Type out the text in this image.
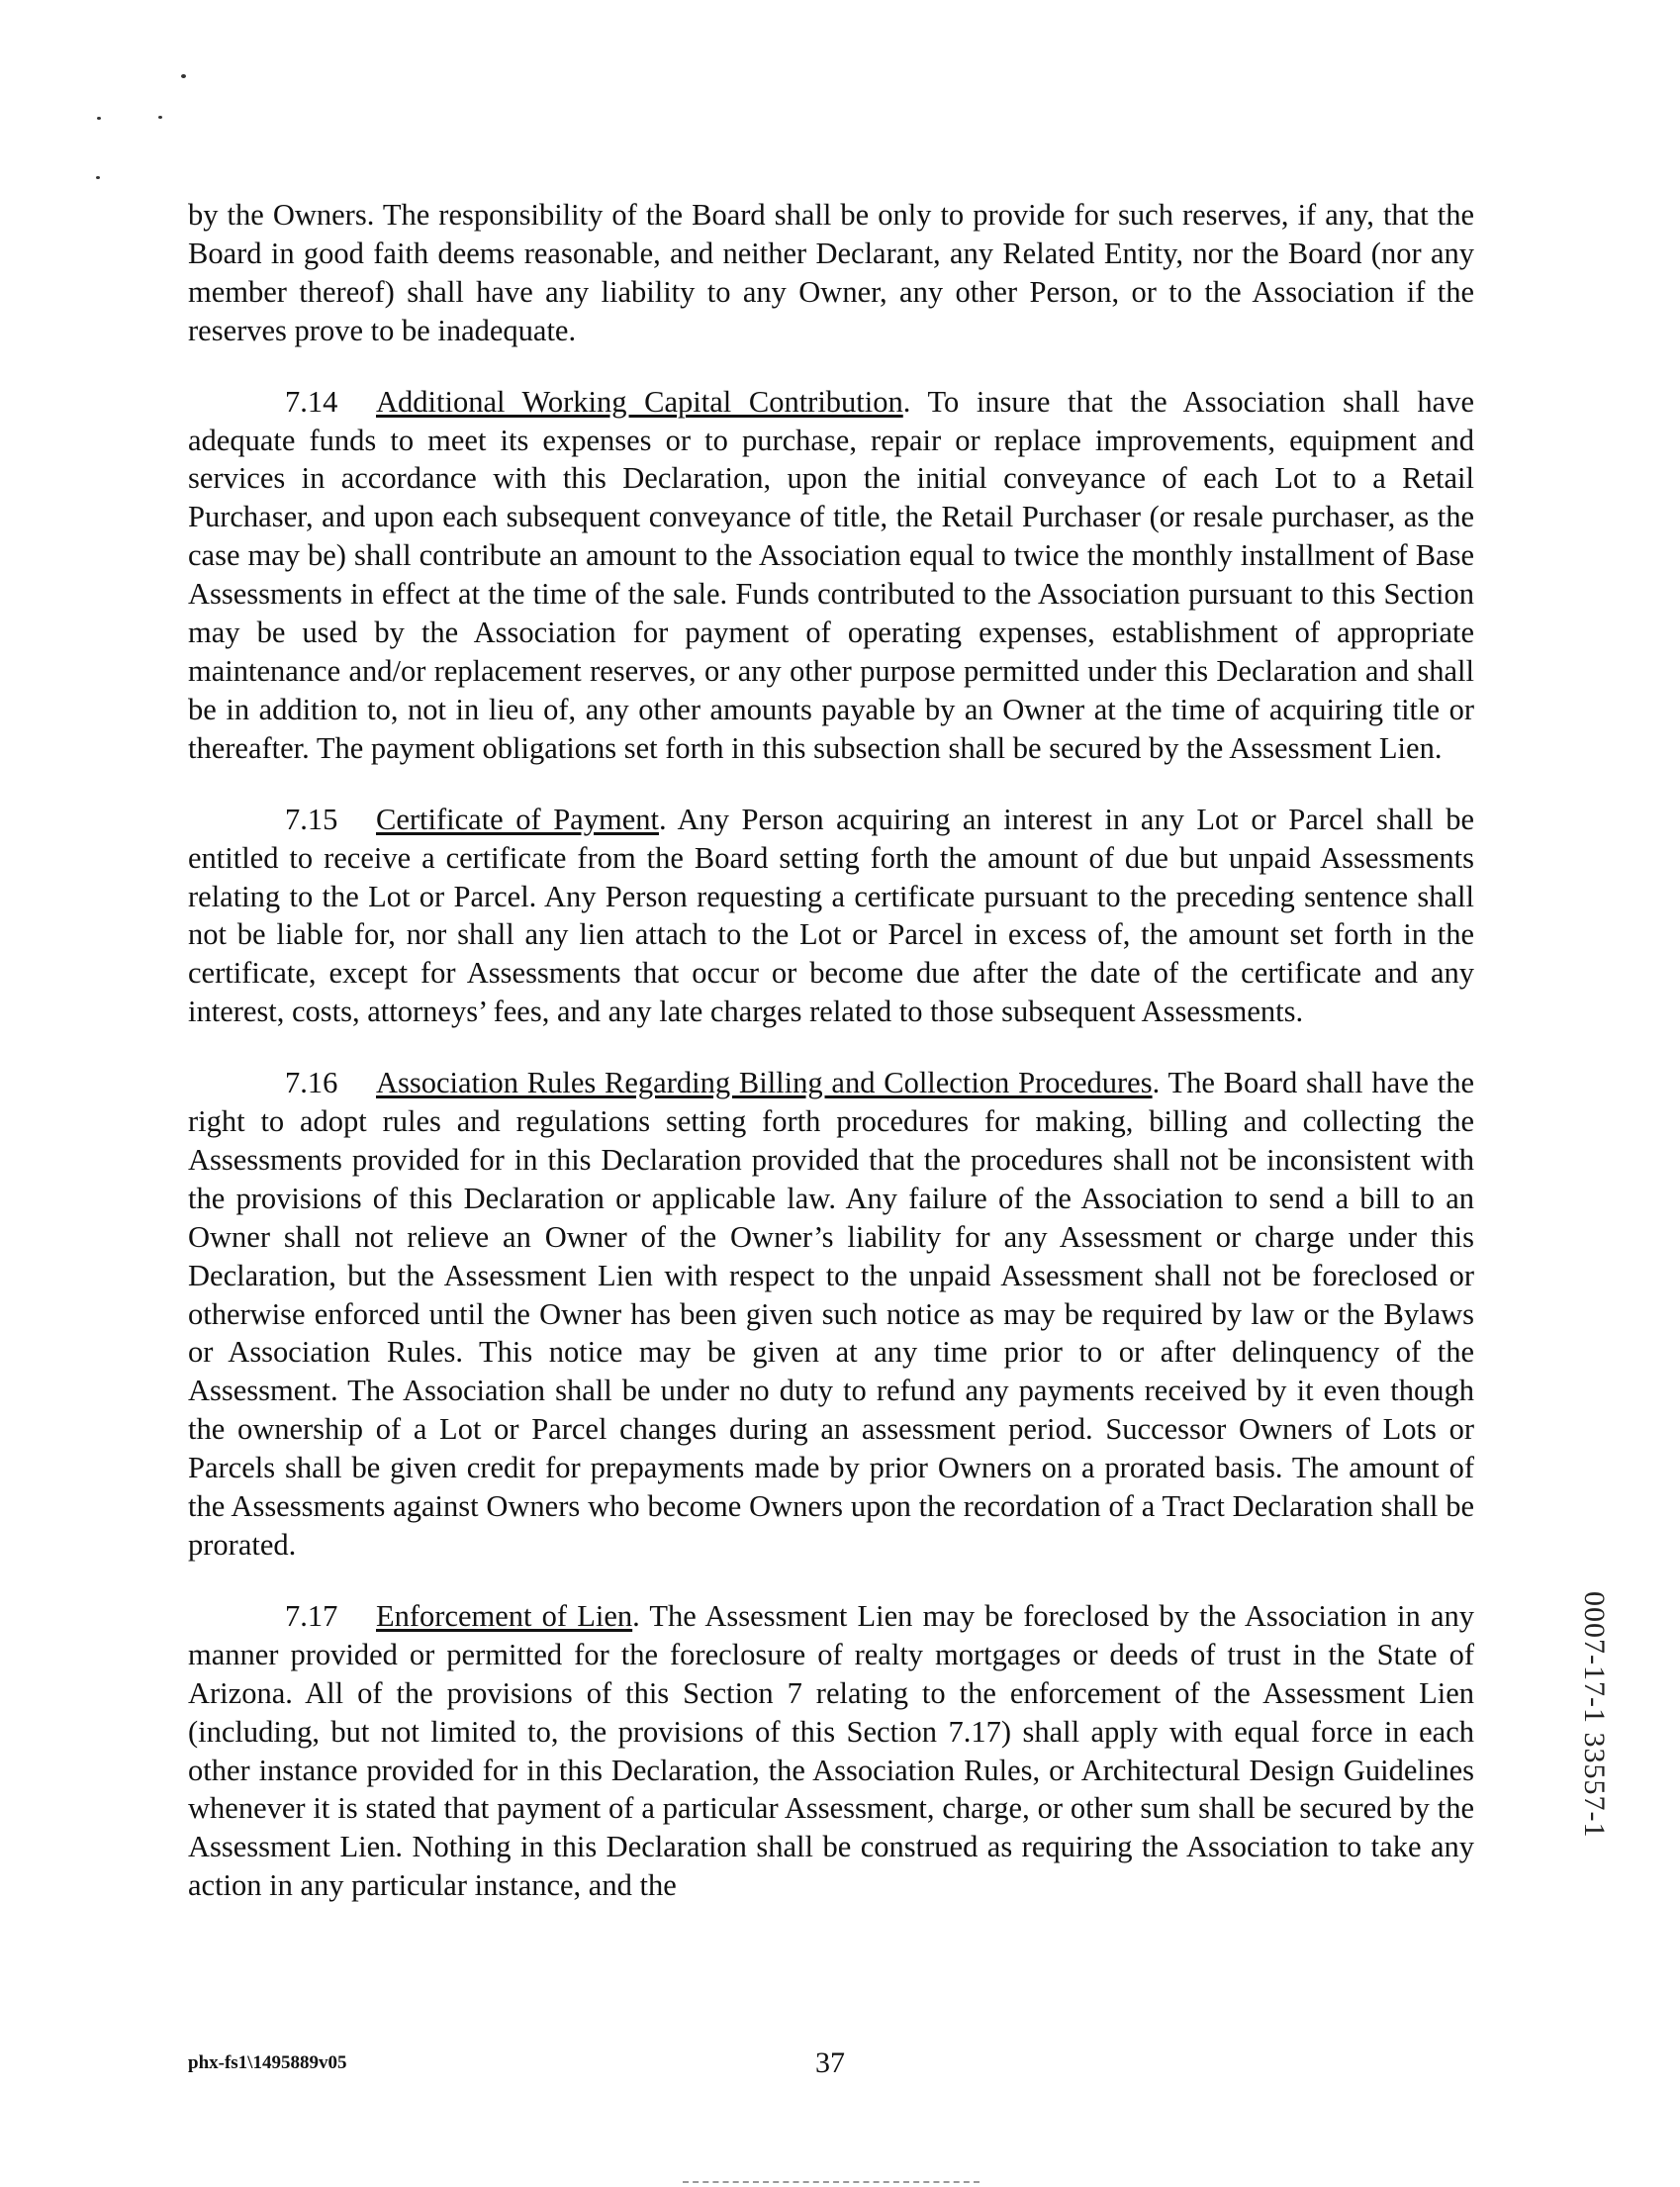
by the Owners. The responsibility of the Board shall be only to provide for such reserves, if any, that the Board in good faith deems reasonable, and neither Declarant, any Related Entity, nor the Board (nor any member thereof) shall have any liability to any Owner, any other Person, or to the Association if the reserves prove to be inadequate.

7.14 Additional Working Capital Contribution. To insure that the Association shall have adequate funds to meet its expenses or to purchase, repair or replace improvements, equipment and services in accordance with this Declaration, upon the initial conveyance of each Lot to a Retail Purchaser, and upon each subsequent conveyance of title, the Retail Purchaser (or resale purchaser, as the case may be) shall contribute an amount to the Association equal to twice the monthly installment of Base Assessments in effect at the time of the sale. Funds contributed to the Association pursuant to this Section may be used by the Association for payment of operating expenses, establishment of appropriate maintenance and/or replacement reserves, or any other purpose permitted under this Declaration and shall be in addition to, not in lieu of, any other amounts payable by an Owner at the time of acquiring title or thereafter. The payment obligations set forth in this subsection shall be secured by the Assessment Lien.

7.15 Certificate of Payment. Any Person acquiring an interest in any Lot or Parcel shall be entitled to receive a certificate from the Board setting forth the amount of due but unpaid Assessments relating to the Lot or Parcel. Any Person requesting a certificate pursuant to the preceding sentence shall not be liable for, nor shall any lien attach to the Lot or Parcel in excess of, the amount set forth in the certificate, except for Assessments that occur or become due after the date of the certificate and any interest, costs, attorneys’ fees, and any late charges related to those subsequent Assessments.

7.16 Association Rules Regarding Billing and Collection Procedures. The Board shall have the right to adopt rules and regulations setting forth procedures for making, billing and collecting the Assessments provided for in this Declaration provided that the procedures shall not be inconsistent with the provisions of this Declaration or applicable law. Any failure of the Association to send a bill to an Owner shall not relieve an Owner of the Owner’s liability for any Assessment or charge under this Declaration, but the Assessment Lien with respect to the unpaid Assessment shall not be foreclosed or otherwise enforced until the Owner has been given such notice as may be required by law or the Bylaws or Association Rules. This notice may be given at any time prior to or after delinquency of the Assessment. The Association shall be under no duty to refund any payments received by it even though the ownership of a Lot or Parcel changes during an assessment period. Successor Owners of Lots or Parcels shall be given credit for prepayments made by prior Owners on a prorated basis. The amount of the Assessments against Owners who become Owners upon the recordation of a Tract Declaration shall be prorated.

7.17 Enforcement of Lien. The Assessment Lien may be foreclosed by the Association in any manner provided or permitted for the foreclosure of realty mortgages or deeds of trust in the State of Arizona. All of the provisions of this Section 7 relating to the enforcement of the Assessment Lien (including, but not limited to, the provisions of this Section 7.17) shall apply with equal force in each other instance provided for in this Declaration, the Association Rules, or Architectural Design Guidelines whenever it is stated that payment of a particular Assessment, charge, or other sum shall be secured by the Assessment Lien. Nothing in this Declaration shall be construed as requiring the Association to take any action in any particular instance, and the

0007-17-1 33557-1
phx-fs1\1495889v05	37
